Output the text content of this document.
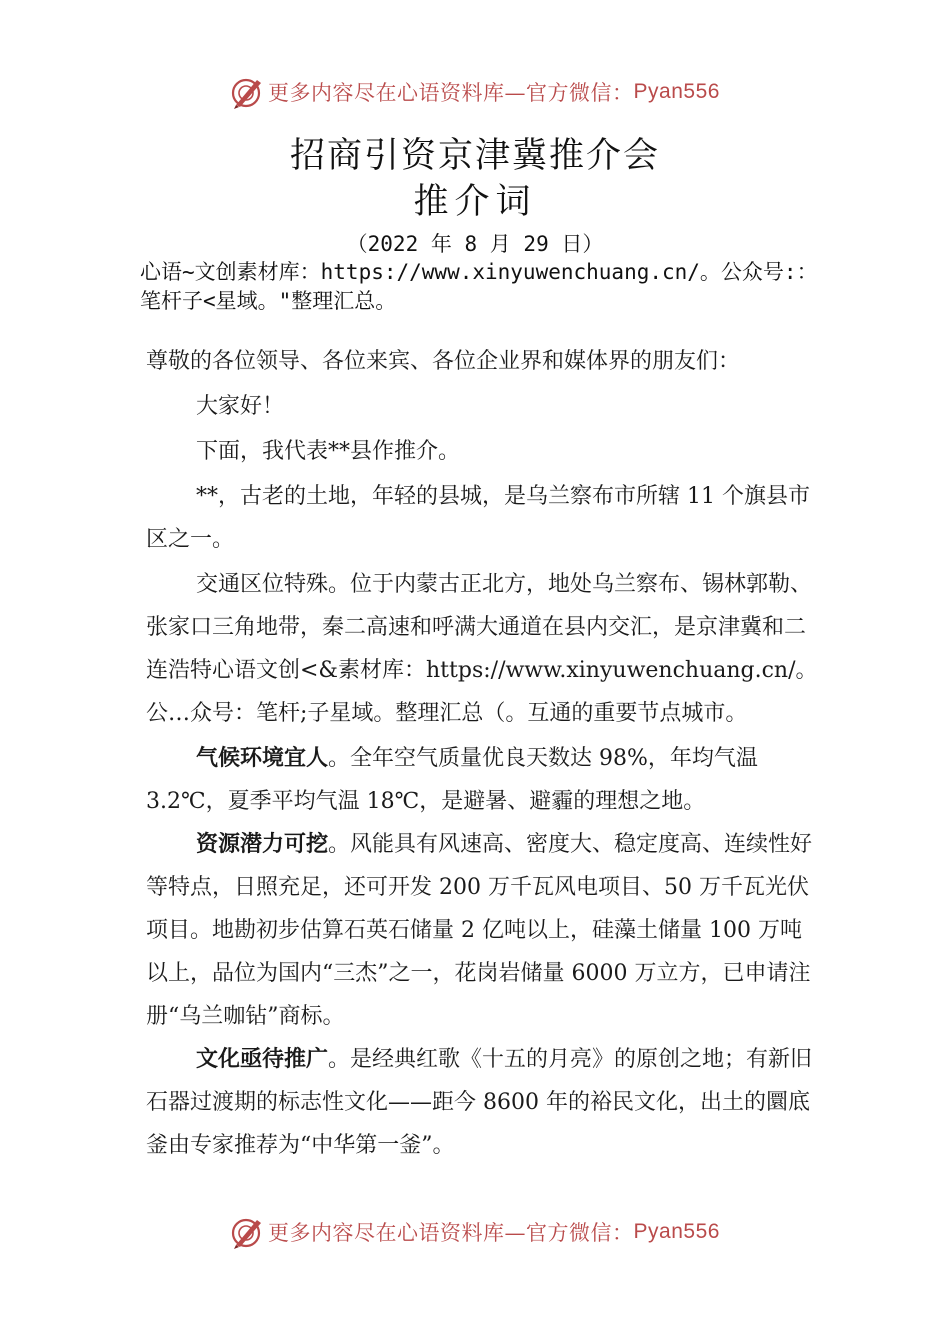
更多内容尽在心语资料库—官方微信： Pyan556
招商引资京津冀推介会
推介词
（2022 年 8 月 29 日）
心语~文创素材库：https://www.xinyuwenchuang.cn/。公众号:：笔杆子<星域。"整理汇总。

尊敬的各位领导、各位来宾、各位企业界和媒体界的朋友们：

大家好！

下面，我代表**县作推介。

**，古老的土地，年轻的县城，是乌兰察布市所辖 11 个旗县市区之一。

交通区位特殊。位于内蒙古正北方，地处乌兰察布、锡林郭勒、张家口三角地带，秦二高速和呼满大通道在县内交汇，是京津冀和二连浩特心语文创<&素材库：https://www.xinyuwenchuang.cn/。公…众号：笔杆;子星域。整理汇总（。互通的重要节点城市。

气候环境宜人。全年空气质量优良天数达 98%，年均气温 3.2℃，夏季平均气温 18℃，是避暑、避霾的理想之地。

资源潜力可挖。风能具有风速高、密度大、稳定度高、连续性好等特点，日照充足，还可开发 200 万千瓦风电项目、50 万千瓦光伏项目。地勘初步估算石英石储量 2 亿吨以上，硅藻土储量 100 万吨以上，品位为国内“三杰”之一，花岗岩储量 6000 万立方，已申请注册“乌兰咖钻”商标。

文化亟待推广。是经典红歌《十五的月亮》的原创之地；有新旧石器过渡期的标志性文化——距今 8600 年的裕民文化，出土的圜底釜由专家推荐为“中华第一釜”。

更多内容尽在心语资料库—官方微信： Pyan556
